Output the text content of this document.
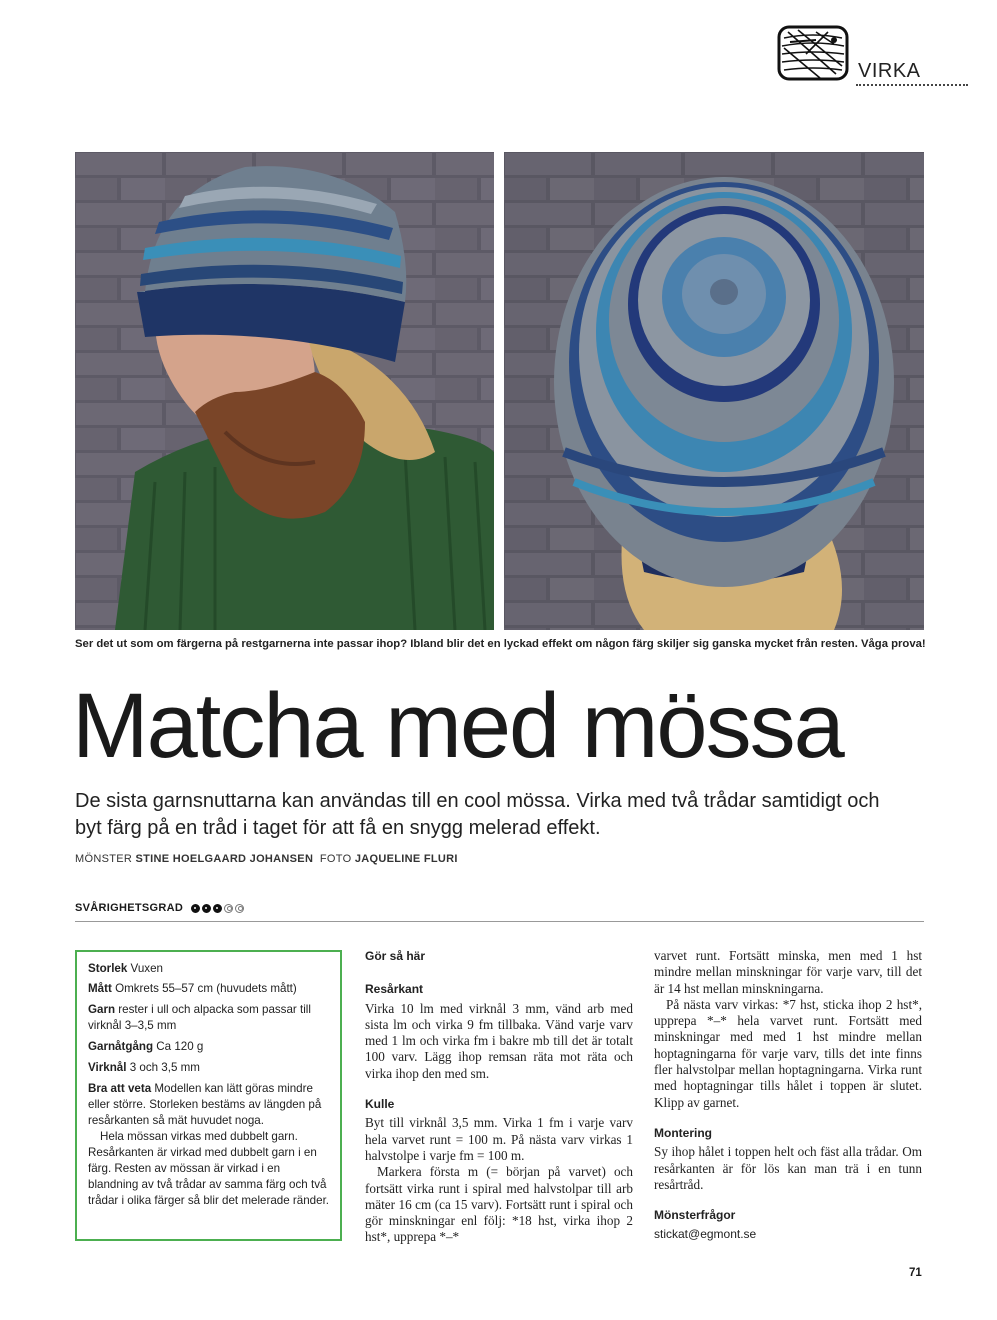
VIRKA
Ser det ut som om färgerna på restgarnerna inte passar ihop? Ibland blir det en lyckad effekt om någon färg skiljer sig ganska mycket från resten. Våga prova!
Matcha med mössa
De sista garnsnuttarna kan användas till en cool mössa. Virka med två trådar samtidigt och byt färg på en tråd i taget för att få en snygg melerad effekt.
MÖNSTER STINE HOELGAARD JOHANSEN FOTO JAQUELINE FLURI
SVÅRIGHETSGRAD

Storlek Vuxen

Mått Omkrets 55–57 cm (huvudets mått)

Garn rester i ull och alpacka som passar till virknål 3–3,5 mm

Garnåtgång Ca 120 g

Virknål 3 och 3,5 mm

Bra att veta Modellen kan lätt göras mindre eller större. Storleken bestäms av längden på resårkanten så mät huvudet noga.

Hela mössan virkas med dubbelt garn. Resårkanten är virkad med dubbelt garn i en färg. Resten av mössan är virkad i en blandning av två trådar av samma färg och två trådar i olika färger så blir det melerade ränder.

Gör så här
Resårkant

Virka 10 lm med virknål 3 mm, vänd arb med sista lm och virka 9 fm tillbaka. Vänd varje varv med 1 lm och virka fm i bakre mb till det är totalt 100 varv. Lägg ihop remsan räta mot räta och virka ihop den med sm.

Kulle

Byt till virknål 3,5 mm. Virka 1 fm i varje varv hela varvet runt = 100 m. På nästa varv virkas 1 halvstolpe i varje fm = 100 m.

Markera första m (= början på varvet) och fortsätt virka runt i spiral med halvstolpar till arb mäter 16 cm (ca 15 varv). Fortsätt runt i spiral och gör minskningar enl följ: *18 hst, virka ihop 2 hst*, upprepa *–*

varvet runt. Fortsätt minska, men med 1 hst mindre mellan minskningar för varje varv, till det är 14 hst mellan minskningarna.

På nästa varv virkas: *7 hst, sticka ihop 2 hst*, upprepa *–* hela varvet runt. Fortsätt med minskningar med med 1 hst mindre mellan hoptagningarna för varje varv, tills det inte finns fler halvstolpar mellan hoptagningarna. Virka runt med hoptagningar tills hålet i toppen är slutet. Klipp av garnet.

Montering

Sy ihop hålet i toppen helt och fäst alla trådar. Om resårkanten är för lös kan man trä i en tunn resårtråd.

Mönsterfrågor

stickat@egmont.se

71
